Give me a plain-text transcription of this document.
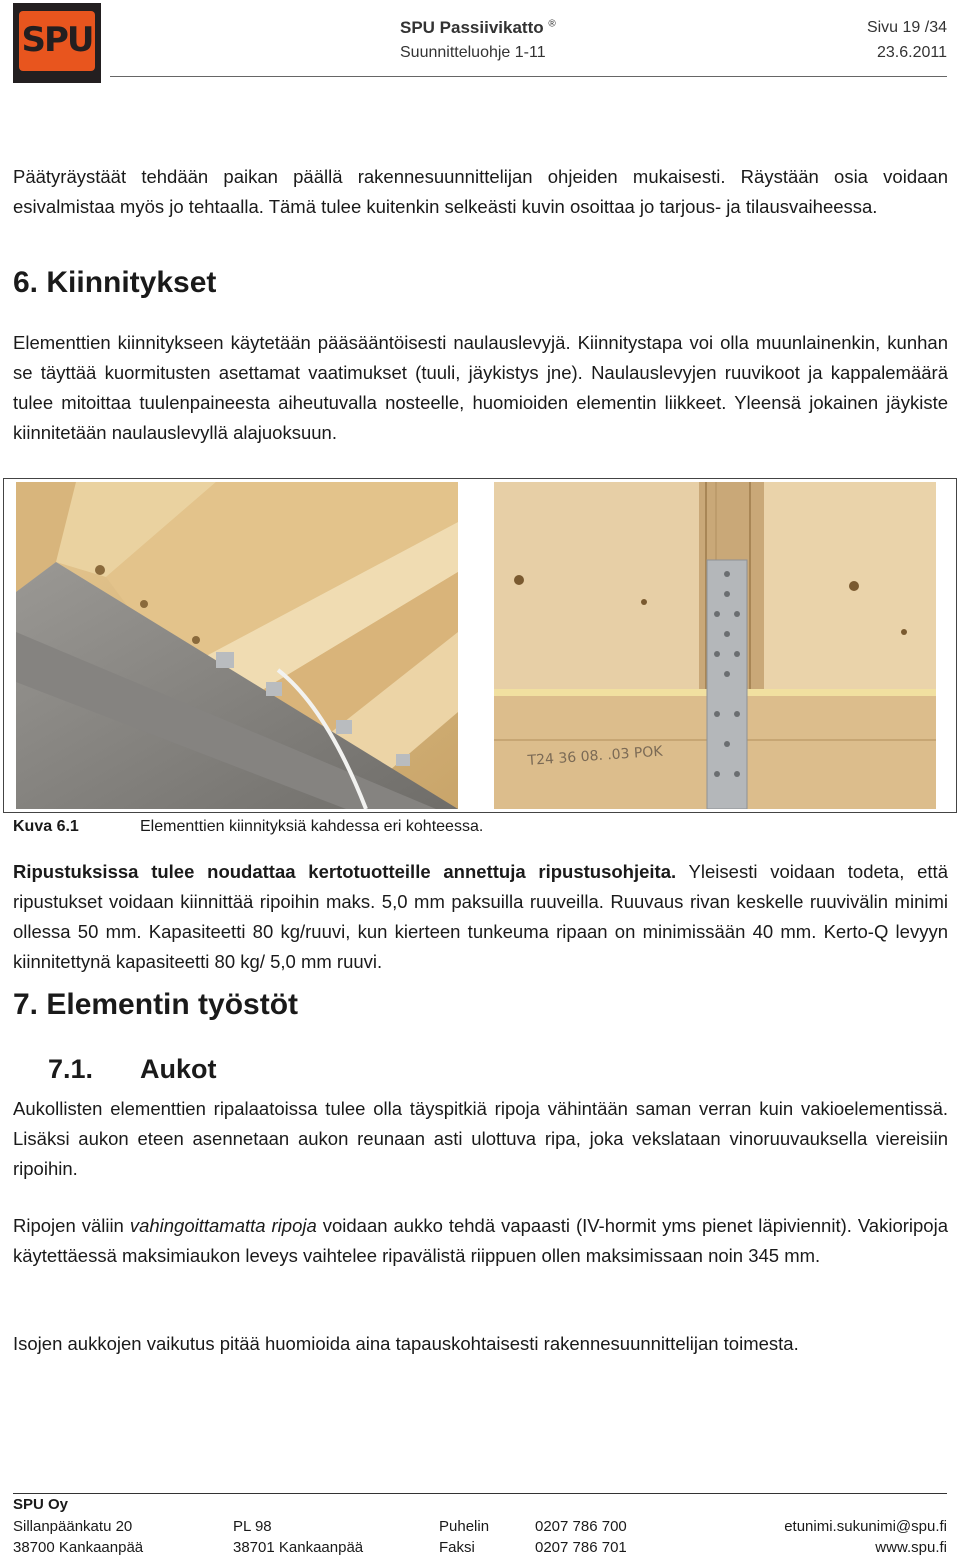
SPU	SPU Passiivikatto ®
Suunnitteluohje 1-11
Sivu 19 /34
23.6.2011
Päätyräystäät tehdään paikan päällä rakennesuunnittelijan ohjeiden mukaisesti. Räystään osia voidaan esivalmistaa myös jo tehtaalla. Tämä tulee kuitenkin selkeästi kuvin osoittaa jo tarjous- ja tilausvaiheessa.
6. Kiinnitykset
Elementtien kiinnitykseen käytetään pääsääntöisesti naulauslevyjä. Kiinnitystapa voi olla muunlainenkin, kunhan se täyttää kuormitusten asettamat vaatimukset (tuuli, jäykistys jne). Naulauslevyjen ruuvikoot ja kappalemäärä tulee mitoittaa tuulenpaineesta aiheutuvalla nosteelle, huomioiden elementin liikkeet. Yleensä jokainen jäykiste kiinnitetään naulauslevyllä alajuoksuun.
T24 36 08. .03 POK
Kuva 6.1	Elementtien kiinnityksiä kahdessa eri kohteessa.
Ripustuksissa tulee noudattaa kertotuotteille annettuja ripustusohjeita. Yleisesti voidaan todeta, että ripustukset voidaan kiinnittää ripoihin maks. 5,0 mm paksuilla ruuveilla. Ruuvaus rivan keskelle ruuvivälin minimi ollessa 50 mm. Kapasiteetti 80 kg/ruuvi, kun kierteen tunkeuma ripaan on minimissään 40 mm. Kerto-Q levyyn kiinnitettynä kapasiteetti 80 kg/ 5,0 mm ruuvi.
7. Elementin työstöt
7.1. Aukot
Aukollisten elementtien ripalaatoissa tulee olla täyspitkiä ripoja vähintään saman verran kuin vakioelementissä. Lisäksi aukon eteen asennetaan aukon reunaan asti ulottuva ripa, joka vekslataan vinoruuvauksella viereisiin ripoihin.
Ripojen väliin vahingoittamatta ripoja voidaan aukko tehdä vapaasti (IV-hormit yms pienet läpiviennit). Vakioripoja käytettäessä maksimiaukon leveys vaihtelee ripavälistä riippuen ollen maksimissaan noin 345 mm.
Isojen aukkojen vaikutus pitää huomioida aina tapauskohtaisesti rakennesuunnittelijan toimesta.
SPU Oy
Sillanpäänkatu 20
38700 Kankaanpää
PL 98
38701 Kankaanpää
Puhelin
Faksi
0207 786 700
0207 786 701
etunimi.sukunimi@spu.fi
www.spu.fi
